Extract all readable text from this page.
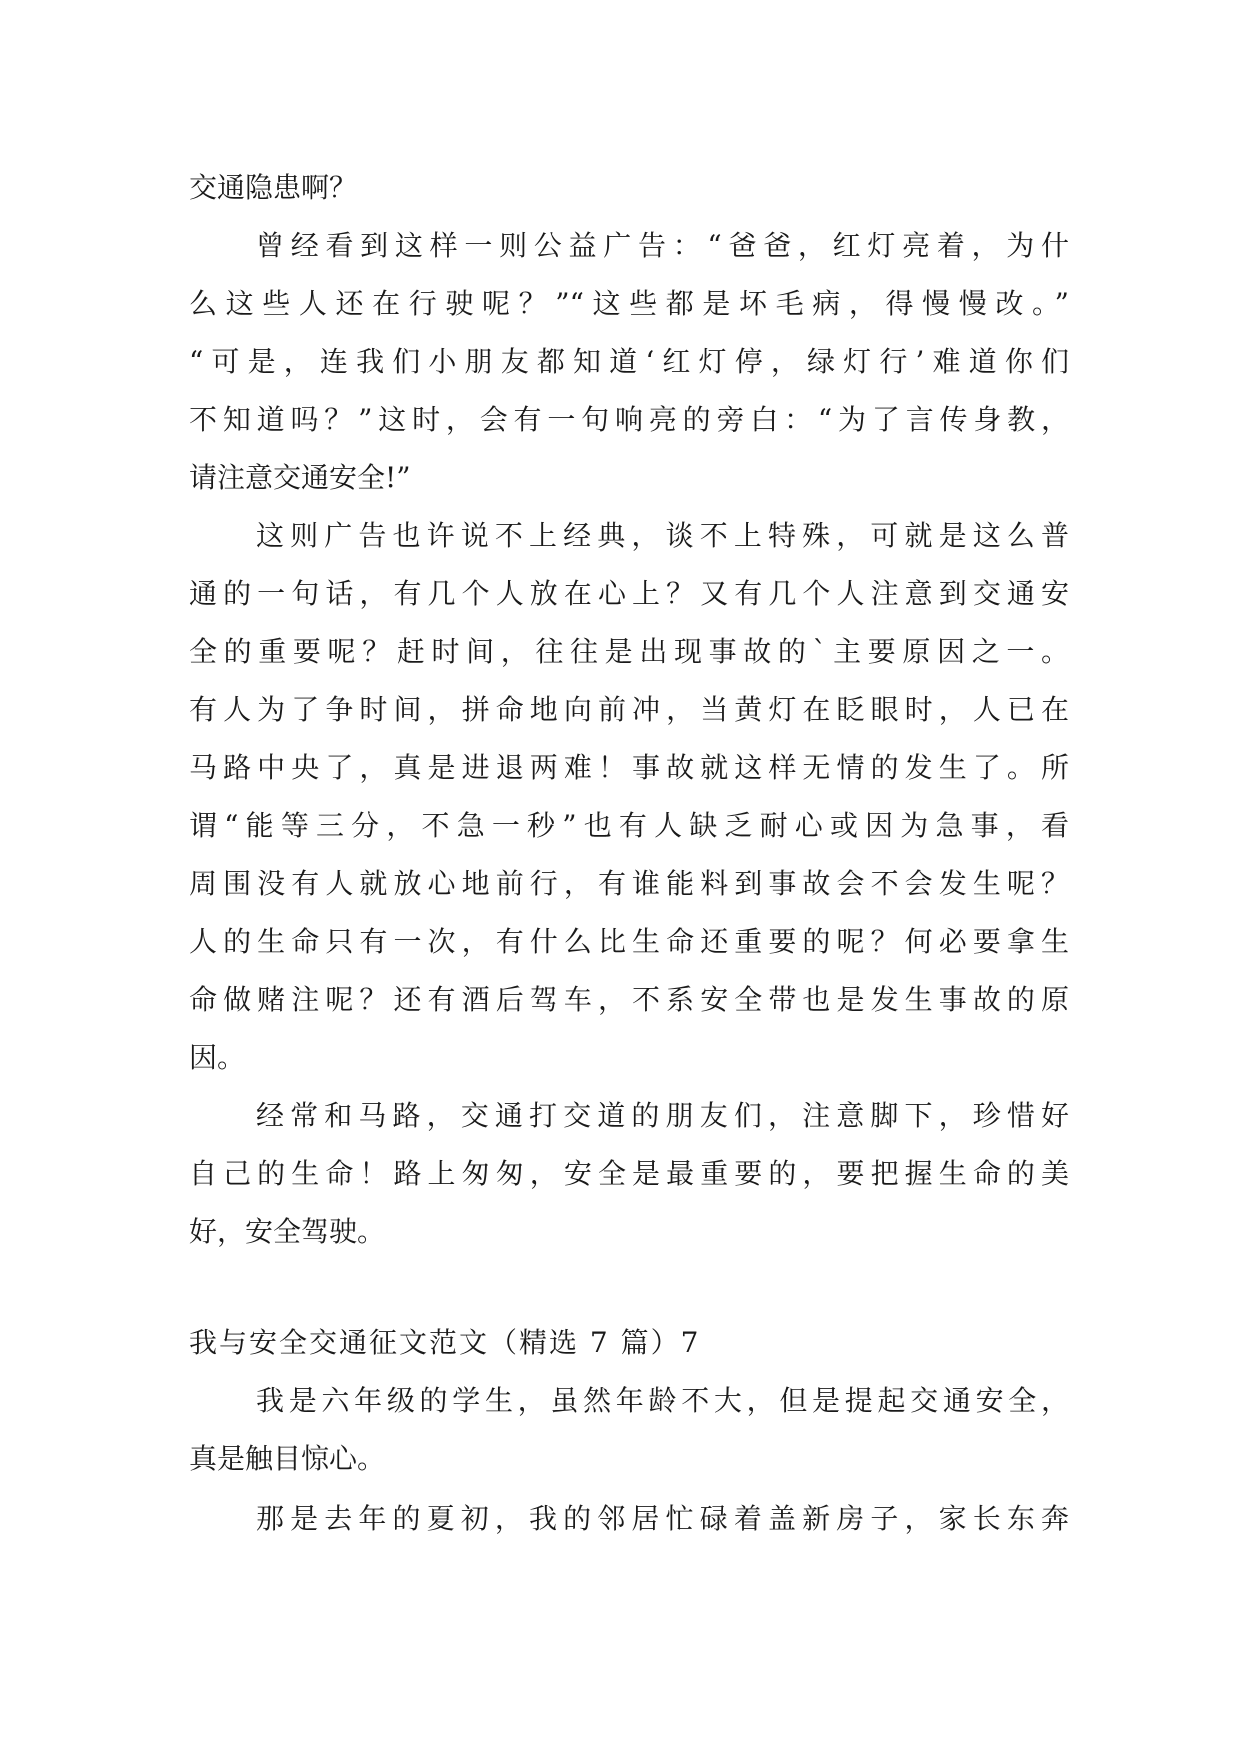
交通隐患啊？
曾经看到这样一则公益广告：“爸爸，红灯亮着，为什
么这些人还在行驶呢？”“这些都是坏毛病，得慢慢改。”
“可是，连我们小朋友都知道‘红灯停，绿灯行’难道你们
不知道吗？”这时，会有一句响亮的旁白：“为了言传身教，
请注意交通安全!”
这则广告也许说不上经典，谈不上特殊，可就是这么普
通的一句话，有几个人放在心上？又有几个人注意到交通安
全的重要呢？赶时间，往往是出现事故的`主要原因之一。
有人为了争时间，拼命地向前冲，当黄灯在眨眼时，人已在
马路中央了，真是进退两难！事故就这样无情的发生了。所
谓“能等三分，不急一秒”也有人缺乏耐心或因为急事，看
周围没有人就放心地前行，有谁能料到事故会不会发生呢？
人的生命只有一次，有什么比生命还重要的呢？何必要拿生
命做赌注呢？还有酒后驾车，不系安全带也是发生事故的原
因。
经常和马路，交通打交道的朋友们，注意脚下，珍惜好
自己的生命！路上匆匆，安全是最重要的，要把握生命的美
好，安全驾驶。
我与安全交通征文范文（精选 7 篇）7
我是六年级的学生，虽然年龄不大，但是提起交通安全，
真是触目惊心。
那是去年的夏初，我的邻居忙碌着盖新房子，家长东奔
